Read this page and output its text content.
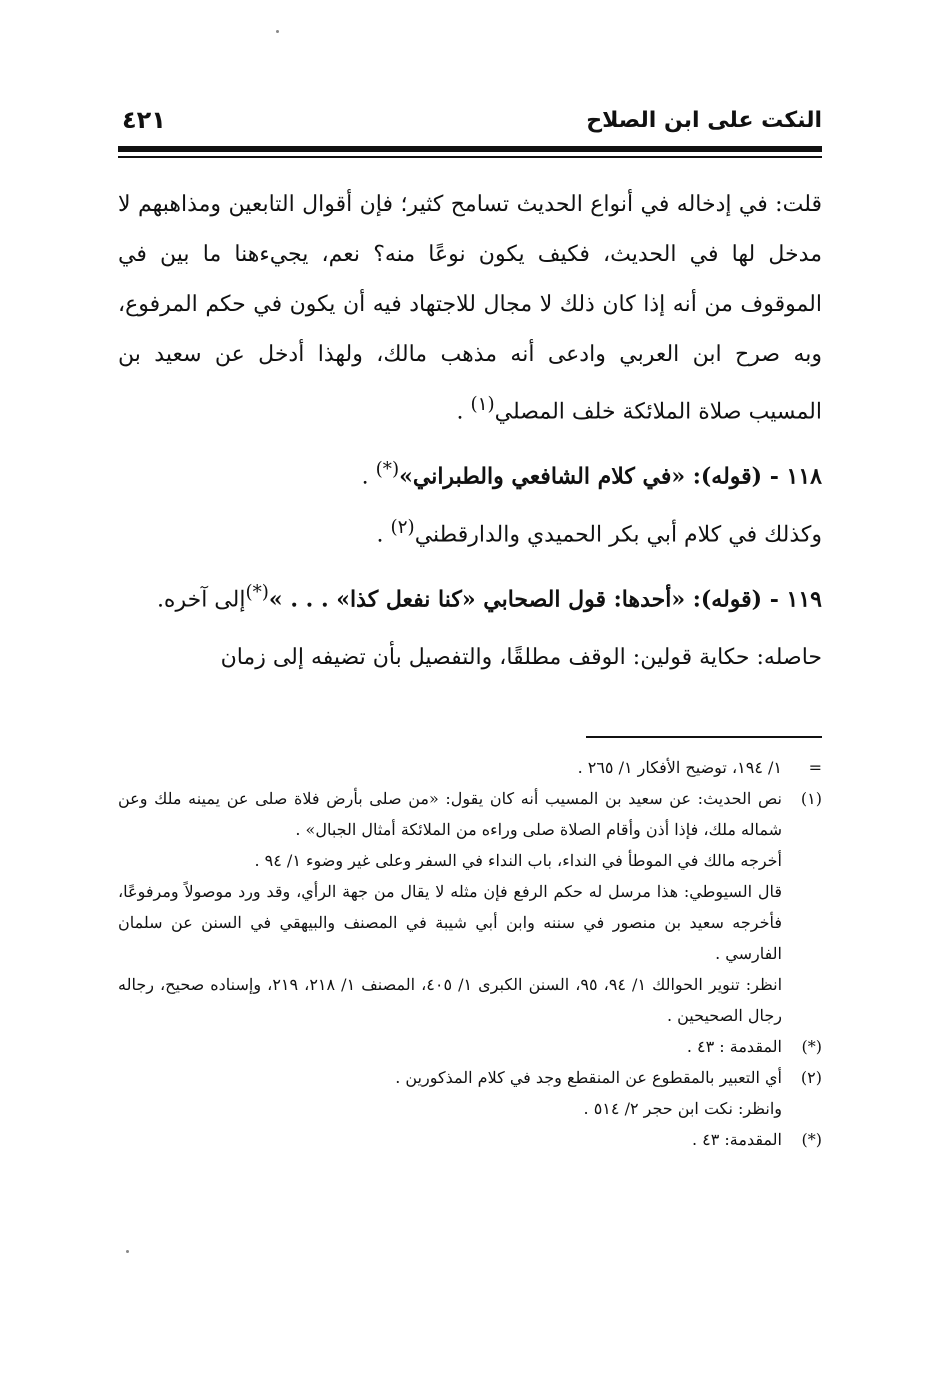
النكت على ابن الصلاح
٤٢١

قلت: في إدخاله في أنواع الحديث تسامح كثير؛ فإن أقوال التابعين ومذاهبهم لا مدخل لها في الحديث، فكيف يكون نوعًا منه؟ نعم، يجيءهنا ما بين في الموقوف من أنه إذا كان ذلك لا مجال للاجتهاد فيه أن يكون في حكم المرفوع، وبه صرح ابن العربي وادعى أنه مذهب مالك، ولهذا أدخل عن سعيد بن المسيب صلاة الملائكة خلف المصلي$^{(١)}$ .

١١٨ - (قوله): «في كلام الشافعي والطبراني»(*) .

وكذلك في كلام أبي بكر الحميدي والدارقطني$^{(٢)}$ .

١١٩ - (قوله): «أحدها: قول الصحابي «كنا نفعل كذا» . . . »(*)إلى آخره.

حاصله: حكاية قولين: الوقف مطلقًا، والتفصيل بأن تضيفه إلى زمان

=

١/ ١٩٤، توضيح الأفكار ١/ ٢٦٥ .

(١)

نص الحديث: عن سعيد بن المسيب أنه كان يقول: «من صلى بأرض فلاة صلى عن يمينه ملك وعن شماله ملك، فإذا أذن وأقام الصلاة صلى وراءه من الملائكة أمثال الجبال» .

أخرجه مالك في الموطأ في النداء، باب النداء في السفر وعلى غير وضوء ١/ ٩٤ .

قال السيوطي: هذا مرسل له حكم الرفع فإن مثله لا يقال من جهة الرأي، وقد ورد موصولاً ومرفوعًا، فأخرجه سعيد بن منصور في سننه وابن أبي شيبة في المصنف والبيهقي في السنن عن سلمان الفارسي .

انظر: تنوير الحوالك ١/ ٩٤، ٩٥، السنن الكبرى ١/ ٤٠٥، المصنف ١/ ٢١٨، ٢١٩، وإسناده صحيح، رجاله رجال الصحيحين .

(*)

المقدمة : ٤٣ .

(٢)

أي التعبير بالمقطوع عن المنقطع وجد في كلام المذكورين .

وانظر: نكت ابن حجر ٢/ ٥١٤ .

(*)

المقدمة: ٤٣ .
